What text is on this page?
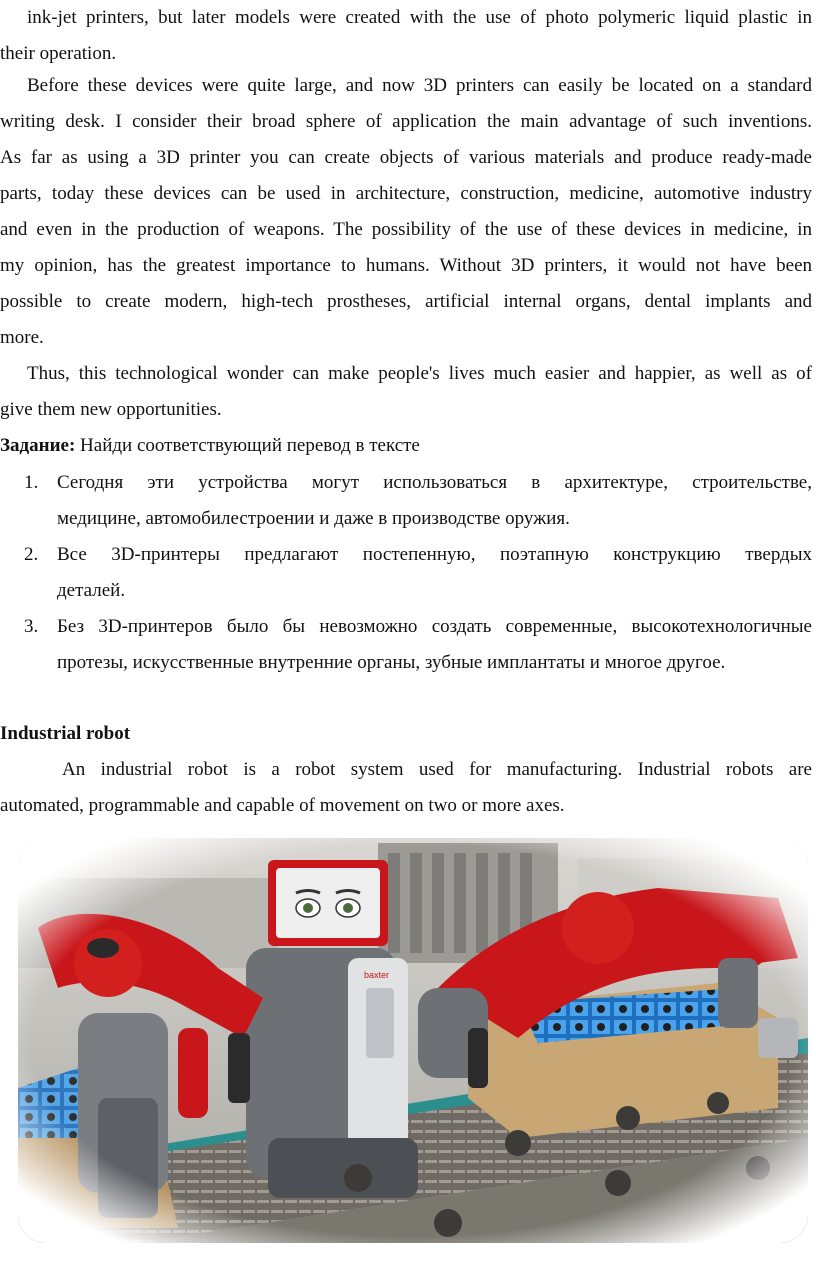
ink-jet printers, but later models were created with the use of photo polymeric liquid plastic in
their operation.
Before these devices were quite large, and now 3D printers can easily be located on a standard
writing desk. I consider their broad sphere of application the main advantage of such inventions.
As far as using a 3D printer you can create objects of various materials and produce ready-made
parts, today these devices can be used in architecture, construction, medicine, automotive industry
and even in the production of weapons. The possibility of the use of these devices in medicine, in
my opinion, has the greatest importance to humans. Without 3D printers, it would not have been
possible to create modern, high-tech prostheses, artificial internal organs, dental implants and
more.
Thus, this technological wonder can make people's lives much easier and happier, as well as of
give them new opportunities.
Задание: Найди соответствующий перевод в тексте
1. Сегодня эти устройства могут использоваться в архитектуре, строительстве,
медицине, автомобилестроении и даже в производстве оружия.
2. Все 3D-принтеры предлагают постепенную, поэтапную конструкцию твердых
деталей.
3. Без 3D-принтеров было бы невозможно создать современные, высокотехнологичные
протезы, искусственные внутренние органы, зубные имплантаты и многое другое.
Industrial robot
An industrial robot is a robot system used for manufacturing. Industrial robots are
automated, programmable and capable of movement on two or more axes.
